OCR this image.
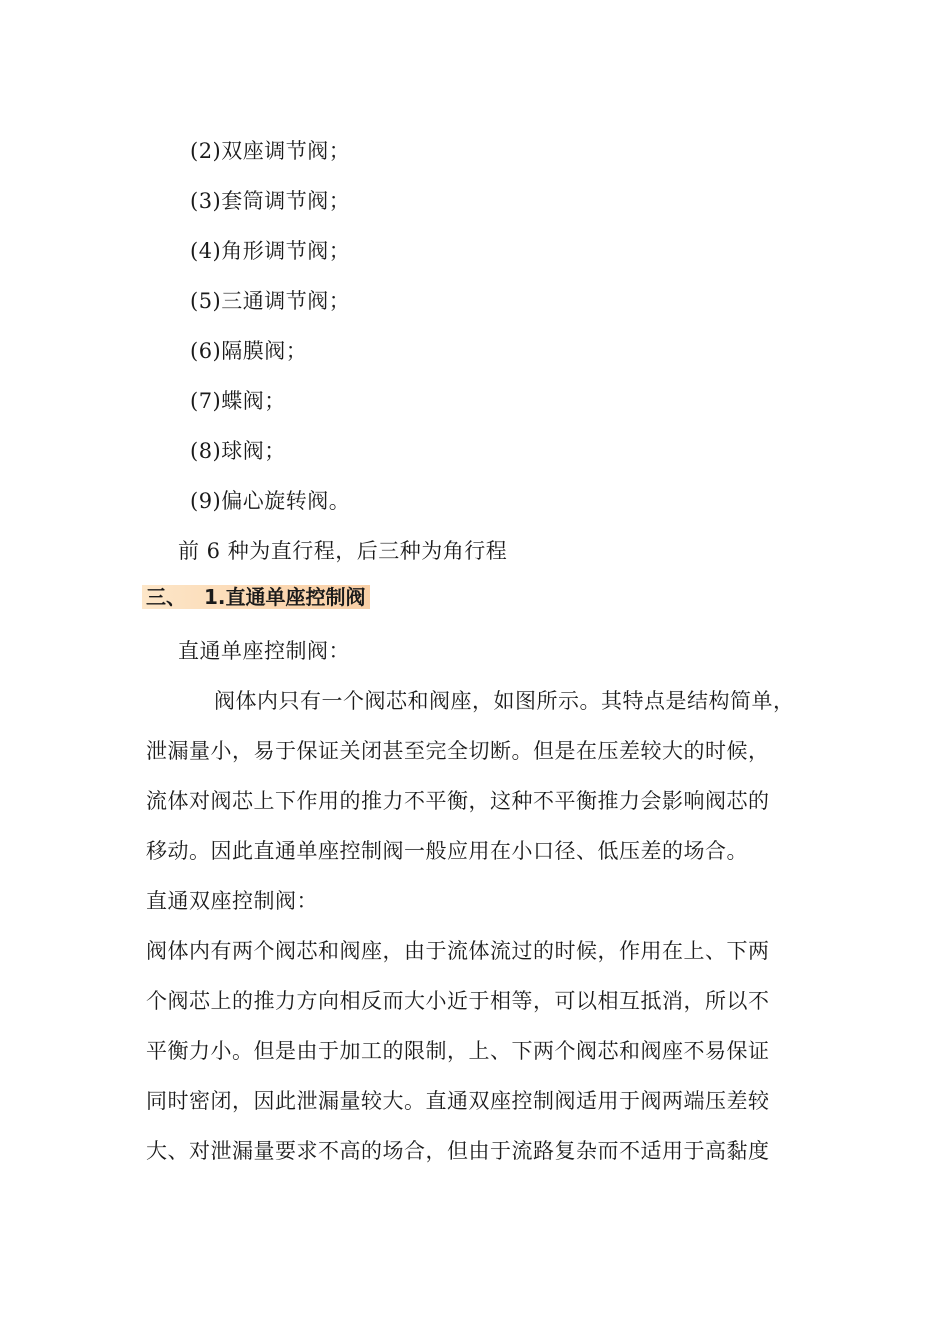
(2)双座调节阀；
(3)套筒调节阀；
(4)角形调节阀；
(5)三通调节阀；
(6)隔膜阀；
(7)蝶阀；
(8)球阀；
(9)偏心旋转阀。
前 6 种为直行程，后三种为角行程
三、 1.直通单座控制阀
直通单座控制阀：
阀体内只有一个阀芯和阀座，如图所示。其特点是结构简单，
泄漏量小，易于保证关闭甚至完全切断。但是在压差较大的时候，
流体对阀芯上下作用的推力不平衡，这种不平衡推力会影响阀芯的
移动。因此直通单座控制阀一般应用在小口径、低压差的场合。
直通双座控制阀：
阀体内有两个阀芯和阀座，由于流体流过的时候，作用在上、下两
个阀芯上的推力方向相反而大小近于相等，可以相互抵消，所以不
平衡力小。但是由于加工的限制，上、下两个阀芯和阀座不易保证
同时密闭，因此泄漏量较大。直通双座控制阀适用于阀两端压差较
大、对泄漏量要求不高的场合，但由于流路复杂而不适用于高黏度
